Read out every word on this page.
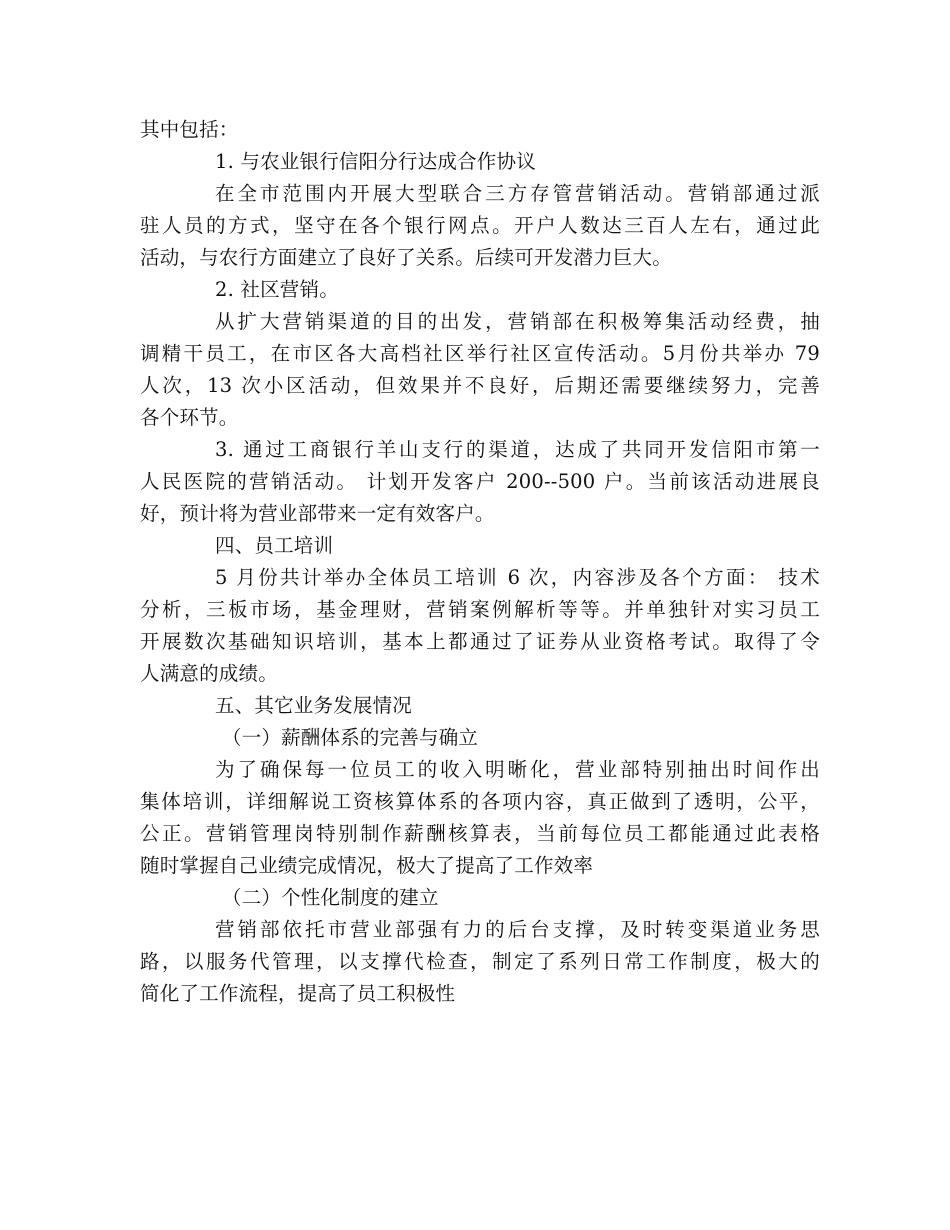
其中包括：
1. 与农业银行信阳分行达成合作协议
在全市范围内开展大型联合三方存管营销活动。营销部通过派
驻人员的方式，坚守在各个银行网点。开户人数达三百人左右，通过此
活动，与农行方面建立了良好了关系。后续可开发潜力巨大。
2. 社区营销。
从扩大营销渠道的目的出发，营销部在积极筹集活动经费，抽
调精干员工，在市区各大高档社区举行社区宣传活动。5月份共举办 79
人次，13 次小区活动，但效果并不良好，后期还需要继续努力，完善
各个环节。
3. 通过工商银行羊山支行的渠道，达成了共同开发信阳市第一
人民医院的营销活动。 计划开发客户 200--500 户。当前该活动进展良
好，预计将为营业部带来一定有效客户。
四、员工培训
5 月份共计举办全体员工培训 6 次，内容涉及各个方面： 技术
分析，三板市场，基金理财，营销案例解析等等。并单独针对实习员工
开展数次基础知识培训，基本上都通过了证券从业资格考试。取得了令
人满意的成绩。
五、其它业务发展情况
（一）薪酬体系的完善与确立
为了确保每一位员工的收入明晰化，营业部特别抽出时间作出
集体培训，详细解说工资核算体系的各项内容，真正做到了透明，公平，
公正。营销管理岗特别制作薪酬核算表，当前每位员工都能通过此表格
随时掌握自己业绩完成情况，极大了提高了工作效率
（二）个性化制度的建立
营销部依托市营业部强有力的后台支撑，及时转变渠道业务思
路，以服务代管理，以支撑代检查，制定了系列日常工作制度，极大的
简化了工作流程，提高了员工积极性
